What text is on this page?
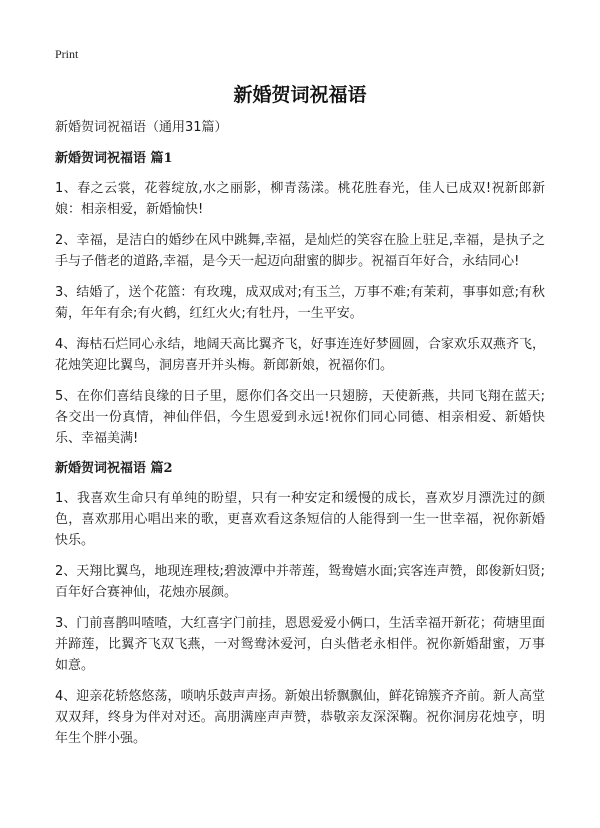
Print
新婚贺词祝福语
新婚贺词祝福语（通用31篇）
新婚贺词祝福语 篇1

1、春之云裳，花蓉绽放,水之丽影，柳青荡漾。桃花胜春光，佳人已成双!祝新郎新娘：相亲相爱，新婚愉快!

2、幸福，是洁白的婚纱在风中跳舞,幸福，是灿烂的笑容在脸上驻足,幸福，是执子之手与子偕老的道路,幸福，是今天一起迈向甜蜜的脚步。祝福百年好合，永结同心!

3、结婚了，送个花篮：有玫瑰，成双成对;有玉兰，万事不难;有茉莉，事事如意;有秋菊，年年有余;有火鹤，红红火火;有牡丹，一生平安。

4、海枯石烂同心永结，地阔天高比翼齐飞，好事连连好梦圆圆，合家欢乐双燕齐飞，花烛笑迎比翼鸟，洞房喜开并头梅。新郎新娘，祝福你们。

5、在你们喜结良缘的日子里，愿你们各交出一只翅膀，天使新燕，共同飞翔在蓝天;各交出一份真情，神仙伴侣，今生恩爱到永远!祝你们同心同德、相亲相爱、新婚快乐、幸福美满!

新婚贺词祝福语 篇2

1、我喜欢生命只有单纯的盼望，只有一种安定和缓慢的成长，喜欢岁月漂洗过的颜色，喜欢那用心唱出来的歌，更喜欢看这条短信的人能得到一生一世幸福，祝你新婚快乐。

2、天翔比翼鸟，地现连理枝;碧波潭中并蒂莲，鸳鸯嬉水面;宾客连声赞，郎俊新妇贤;百年好合赛神仙，花烛亦展颜。

3、门前喜鹊叫喳喳，大红喜字门前挂，恩恩爱爱小俩口，生活幸福开新花；荷塘里面并蹄莲，比翼齐飞双飞燕，一对鸳鸯沐爱河，白头偕老永相伴。祝你新婚甜蜜，万事如意。

4、迎亲花轿悠悠荡，唢呐乐鼓声声扬。新娘出轿飘飘仙，鲜花锦簇齐齐前。新人高堂双双拜，终身为伴对对还。高朋满座声声赞，恭敬亲友深深鞠。祝你洞房花烛亨，明年生个胖小强。
